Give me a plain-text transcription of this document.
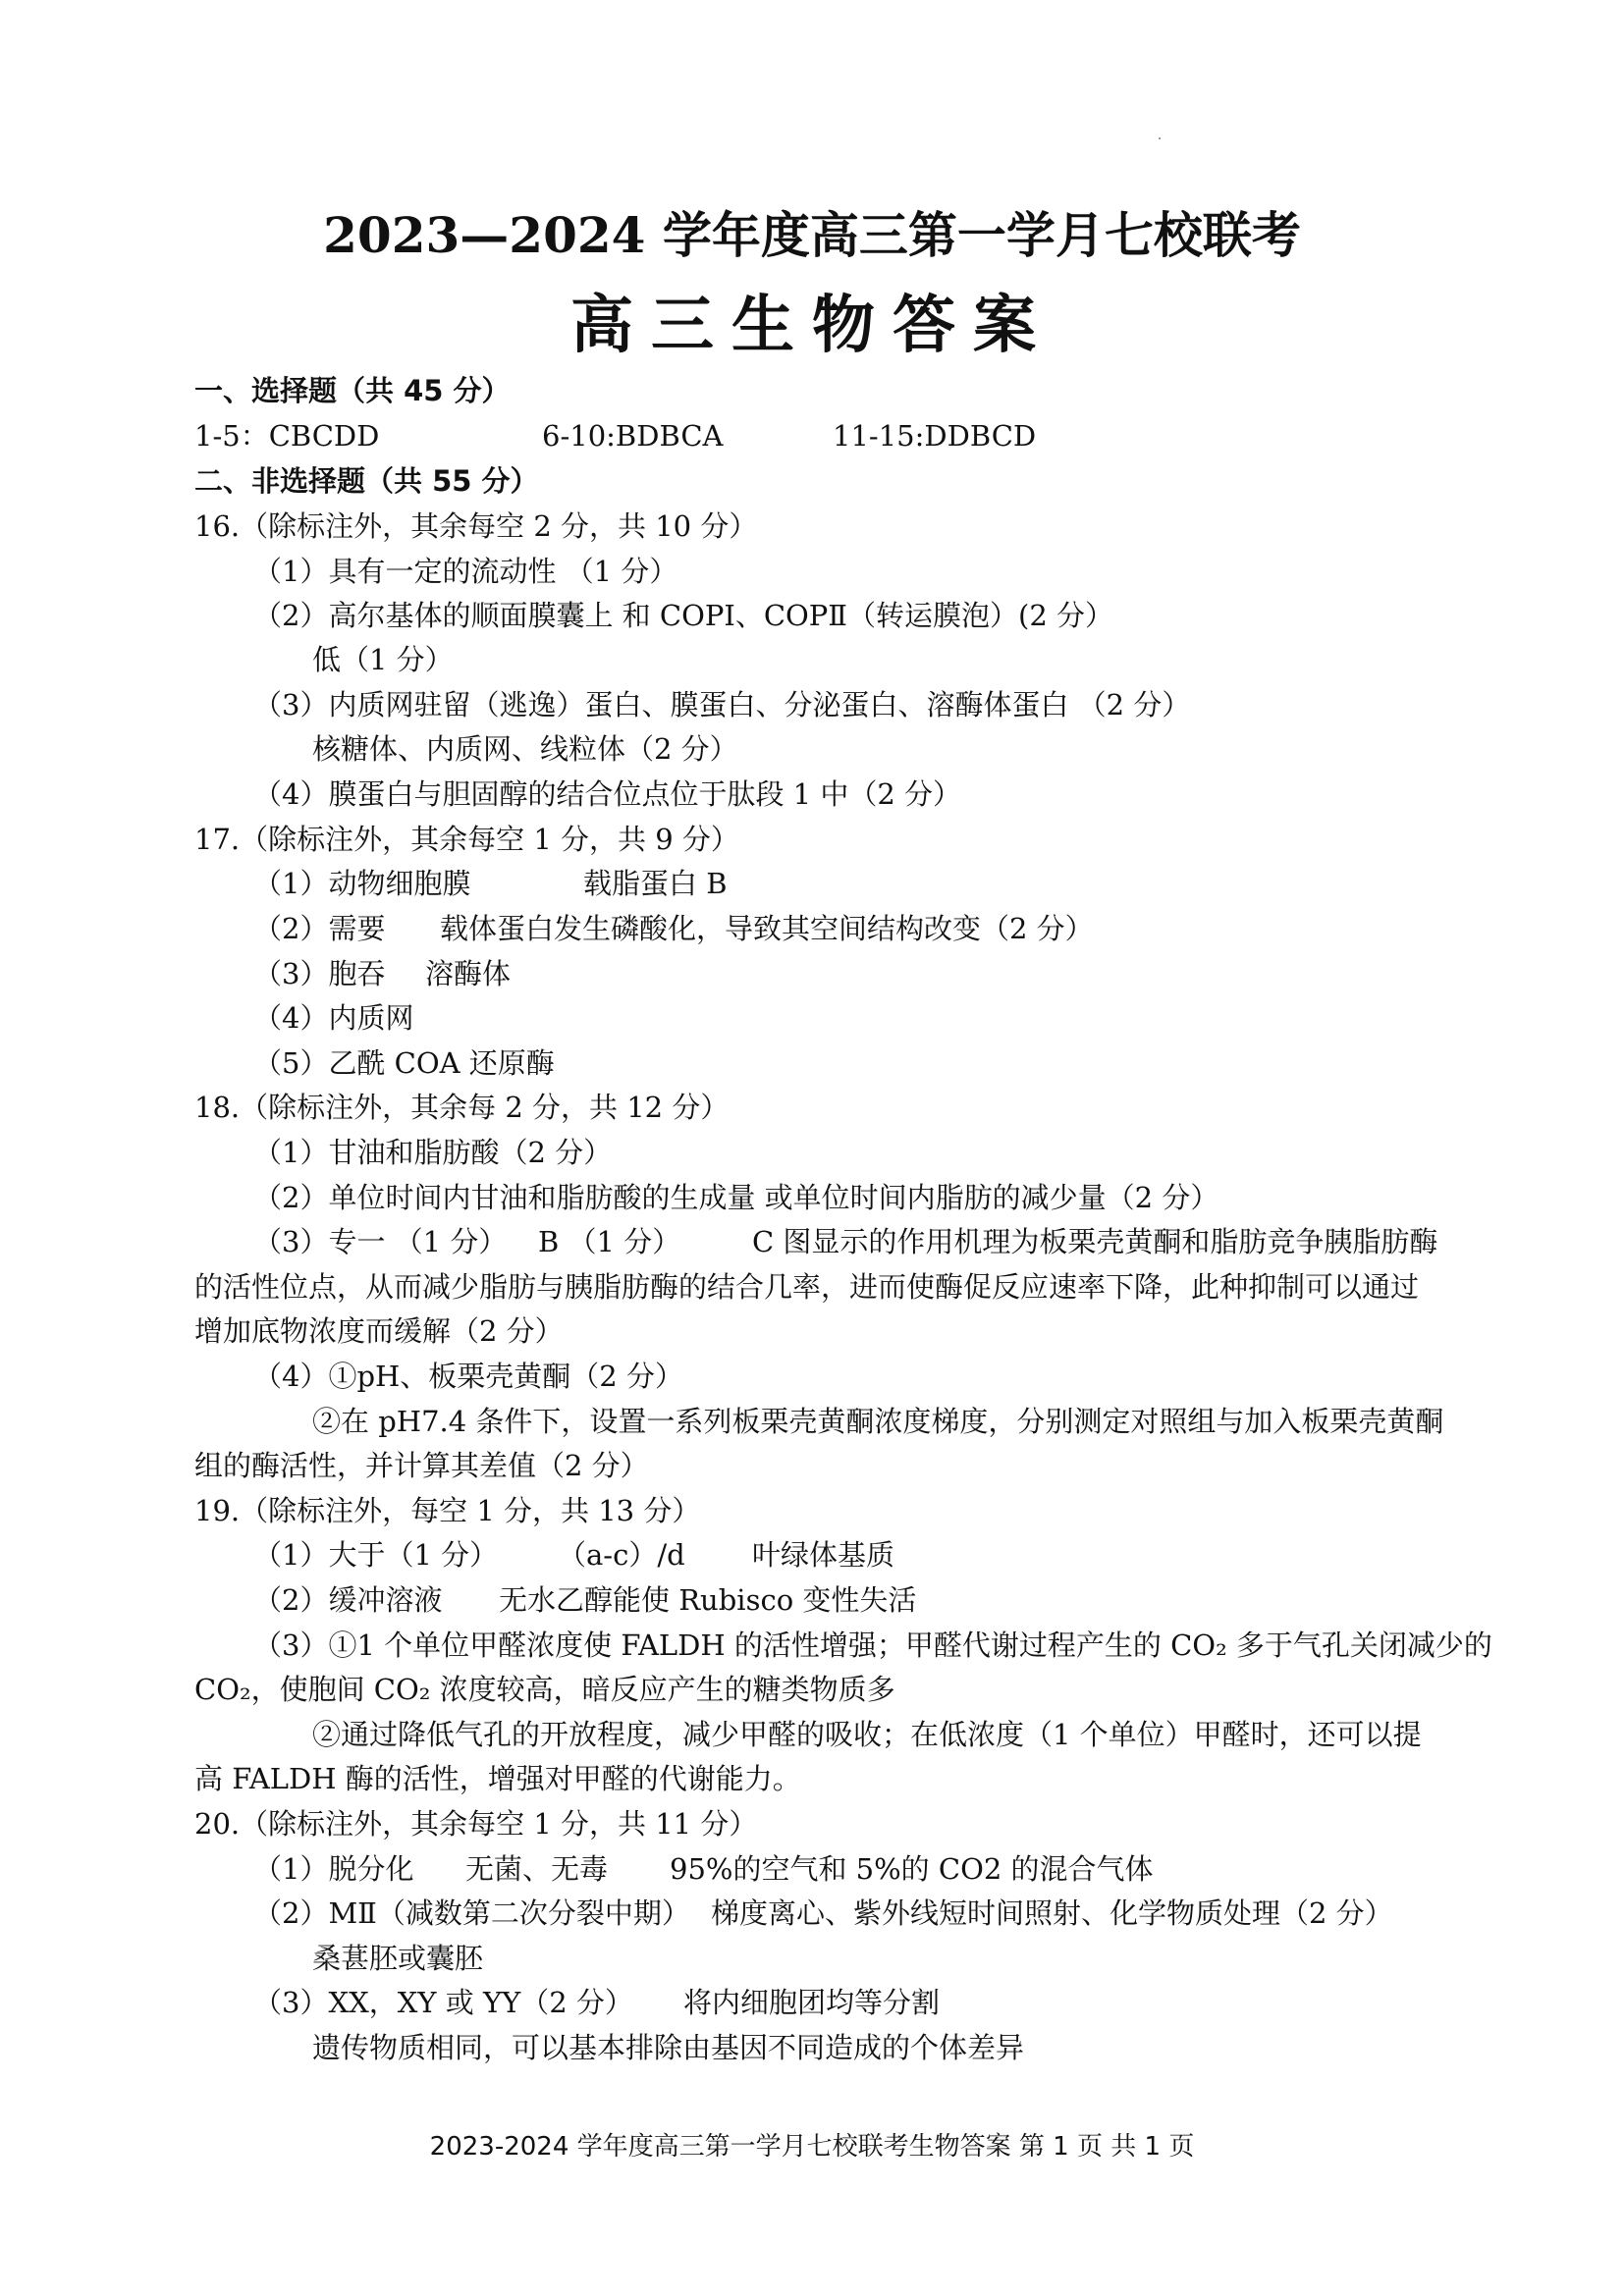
2023—2024 学年度高三第一学月七校联考
高三生物答案
一、选择题（共 45 分）
1-5：CBCDD	6-10:BDBCA	11-15:DDBCD
二、非选择题（共 55 分）
16.（除标注外，其余每空 2 分，共 10 分）
（1）具有一定的流动性 （1 分）
（2）高尔基体的顺面膜囊上 和 COPⅠ、COPⅡ（转运膜泡）(2 分）
低（1 分）
（3）内质网驻留（逃逸）蛋白、膜蛋白、分泌蛋白、溶酶体蛋白 （2 分）
核糖体、内质网、线粒体（2 分）
（4）膜蛋白与胆固醇的结合位点位于肽段 1 中（2 分）
17.（除标注外，其余每空 1 分，共 9 分）
（1）动物细胞膜	载脂蛋白 B
（2）需要 载体蛋白发生磷酸化，导致其空间结构改变（2 分）
（3）胞吞 溶酶体
（4）内质网
（5）乙酰 COA 还原酶
18.（除标注外，其余每 2 分，共 12 分）
（1）甘油和脂肪酸（2 分）
（2）单位时间内甘油和脂肪酸的生成量 或单位时间内脂肪的减少量（2 分）
（3）专一 （1 分） B （1 分）	C 图显示的作用机理为板栗壳黄酮和脂肪竞争胰脂肪酶
的活性位点，从而减少脂肪与胰脂肪酶的结合几率，进而使酶促反应速率下降，此种抑制可以通过
增加底物浓度而缓解（2 分）
（4）①pH、板栗壳黄酮（2 分）
②在 pH7.4 条件下，设置一系列板栗壳黄酮浓度梯度，分别测定对照组与加入板栗壳黄酮
组的酶活性，并计算其差值（2 分）
19.（除标注外，每空 1 分，共 13 分）
（1）大于（1 分） （a-c）/d 叶绿体基质
（2）缓冲溶液 无水乙醇能使 Rubisco 变性失活
（3）①1 个单位甲醛浓度使 FALDH 的活性增强；甲醛代谢过程产生的 CO₂ 多于气孔关闭减少的
CO₂，使胞间 CO₂ 浓度较高，暗反应产生的糖类物质多
②通过降低气孔的开放程度，减少甲醛的吸收；在低浓度（1 个单位）甲醛时，还可以提
高 FALDH 酶的活性，增强对甲醛的代谢能力。
20.（除标注外，其余每空 1 分，共 11 分）
（1）脱分化 无菌、无毒 95%的空气和 5%的 CO2 的混合气体
（2）MⅡ（减数第二次分裂中期） 梯度离心、紫外线短时间照射、化学物质处理（2 分）
桑葚胚或囊胚
（3）XX，XY 或 YY（2 分） 将内细胞团均等分割
遗传物质相同，可以基本排除由基因不同造成的个体差异
2023-2024 学年度高三第一学月七校联考生物答案 第 1 页 共 1 页
